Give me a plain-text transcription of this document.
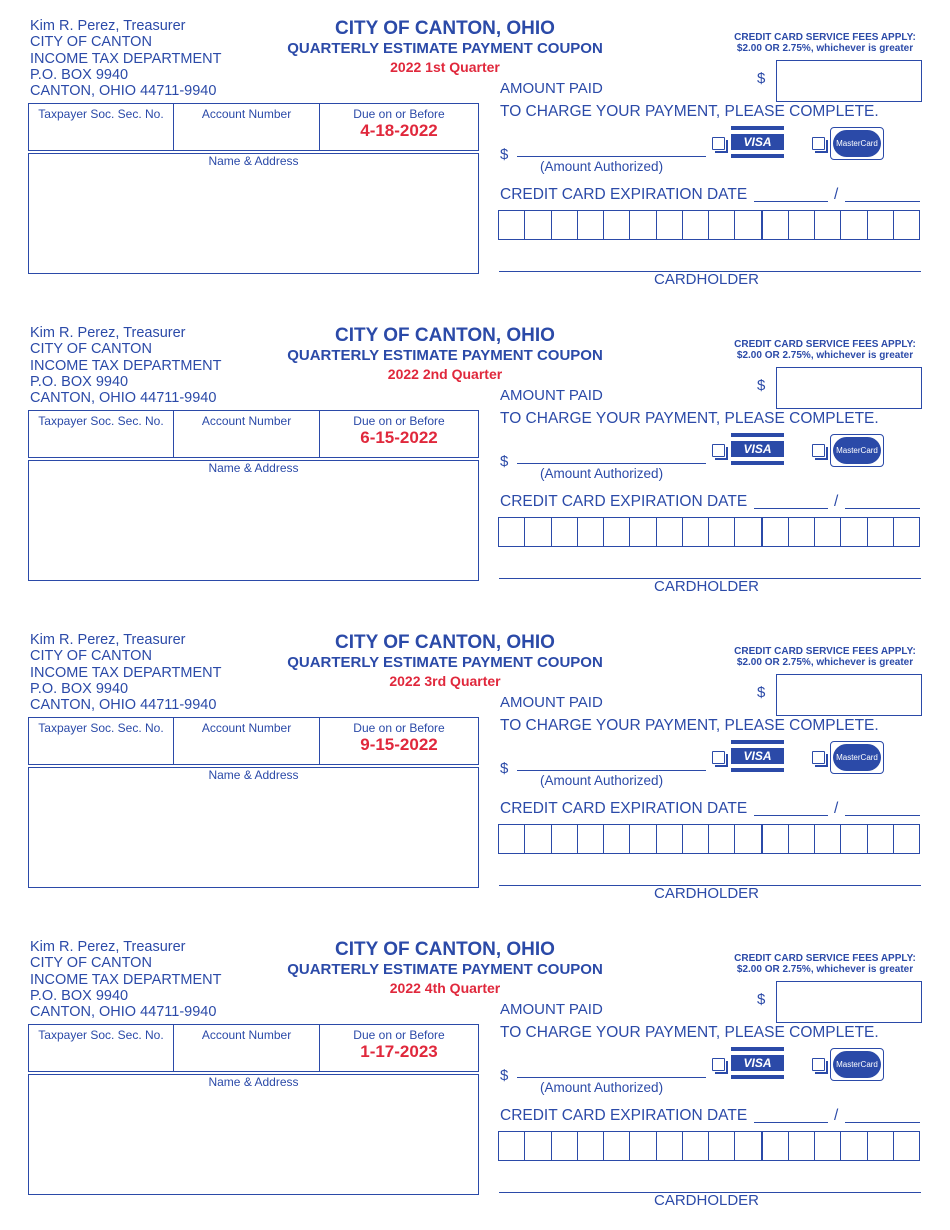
Kim R. Perez, Treasurer
CITY OF CANTON
INCOME TAX DEPARTMENT
P.O. BOX 9940
CANTON, OHIO 44711-9940
CITY OF CANTON, OHIO
QUARTERLY ESTIMATE PAYMENT COUPON
2022 1st Quarter
CREDIT CARD SERVICE FEES APPLY:
$2.00 OR 2.75%, whichever is greater
AMOUNT PAID
$
Taxpayer Soc. Sec. No.	Account Number	Due on or Before
4-18-2022
Name & Address
TO CHARGE YOUR PAYMENT, PLEASE COMPLETE.
$
(Amount Authorized)
VISA	MasterCard
CREDIT CARD EXPIRATION DATE	/
CARDHOLDER
Kim R. Perez, Treasurer
CITY OF CANTON
INCOME TAX DEPARTMENT
P.O. BOX 9940
CANTON, OHIO 44711-9940
CITY OF CANTON, OHIO
QUARTERLY ESTIMATE PAYMENT COUPON
2022 2nd Quarter
CREDIT CARD SERVICE FEES APPLY:
$2.00 OR 2.75%, whichever is greater
AMOUNT PAID
$
Taxpayer Soc. Sec. No.	Account Number	Due on or Before
6-15-2022
Name & Address
TO CHARGE YOUR PAYMENT, PLEASE COMPLETE.
$
(Amount Authorized)
VISA	MasterCard
CREDIT CARD EXPIRATION DATE	/
CARDHOLDER
Kim R. Perez, Treasurer
CITY OF CANTON
INCOME TAX DEPARTMENT
P.O. BOX 9940
CANTON, OHIO 44711-9940
CITY OF CANTON, OHIO
QUARTERLY ESTIMATE PAYMENT COUPON
2022 3rd Quarter
CREDIT CARD SERVICE FEES APPLY:
$2.00 OR 2.75%, whichever is greater
AMOUNT PAID
$
Taxpayer Soc. Sec. No.	Account Number	Due on or Before
9-15-2022
Name & Address
TO CHARGE YOUR PAYMENT, PLEASE COMPLETE.
$
(Amount Authorized)
VISA	MasterCard
CREDIT CARD EXPIRATION DATE	/
CARDHOLDER
Kim R. Perez, Treasurer
CITY OF CANTON
INCOME TAX DEPARTMENT
P.O. BOX 9940
CANTON, OHIO 44711-9940
CITY OF CANTON, OHIO
QUARTERLY ESTIMATE PAYMENT COUPON
2022 4th Quarter
CREDIT CARD SERVICE FEES APPLY:
$2.00 OR 2.75%, whichever is greater
AMOUNT PAID
$
Taxpayer Soc. Sec. No.	Account Number	Due on or Before
1-17-2023
Name & Address
TO CHARGE YOUR PAYMENT, PLEASE COMPLETE.
$
(Amount Authorized)
VISA	MasterCard
CREDIT CARD EXPIRATION DATE	/
CARDHOLDER
